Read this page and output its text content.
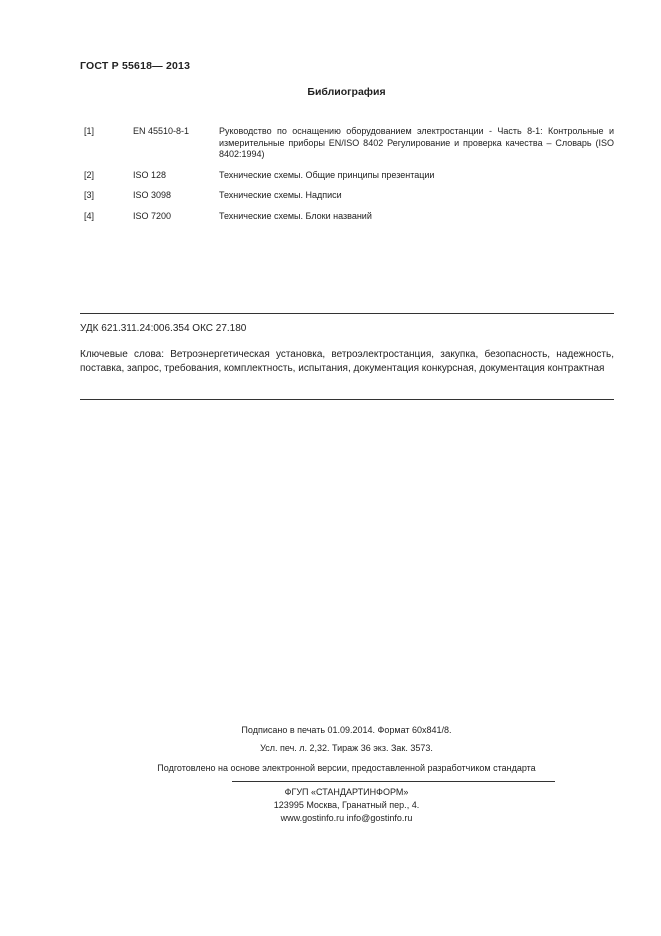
ГОСТ Р 55618— 2013
Библиография
[1]	EN 45510-8-1	Руководство по оснащению оборудованием электростанции - Часть 8-1: Контрольные и измерительные приборы EN/ISO 8402 Регулирование и проверка качества – Словарь (ISO 8402:1994)
[2]	ISO 128	Технические схемы. Общие принципы презентации
[3]	ISO 3098	Технические схемы. Надписи
[4]	ISO 7200	Технические схемы. Блоки названий
УДК 621.311.24:006.354 ОКС 27.180
Ключевые слова: Ветроэнергетическая установка, ветроэлектростанция, закупка, безопасность, надежность, поставка, запрос, требования, комплектность, испытания, документация конкурсная, документация контрактная
Подписано в печать 01.09.2014. Формат 60x841/8.
Усл. печ. л. 2,32. Тираж 36 экз. Зак. 3573.
Подготовлено на основе электронной версии, предоставленной разработчиком стандарта
ФГУП «СТАНДАРТИНФОРМ»
123995 Москва, Гранатный пер., 4.
www.gostinfo.ru info@gostinfo.ru
